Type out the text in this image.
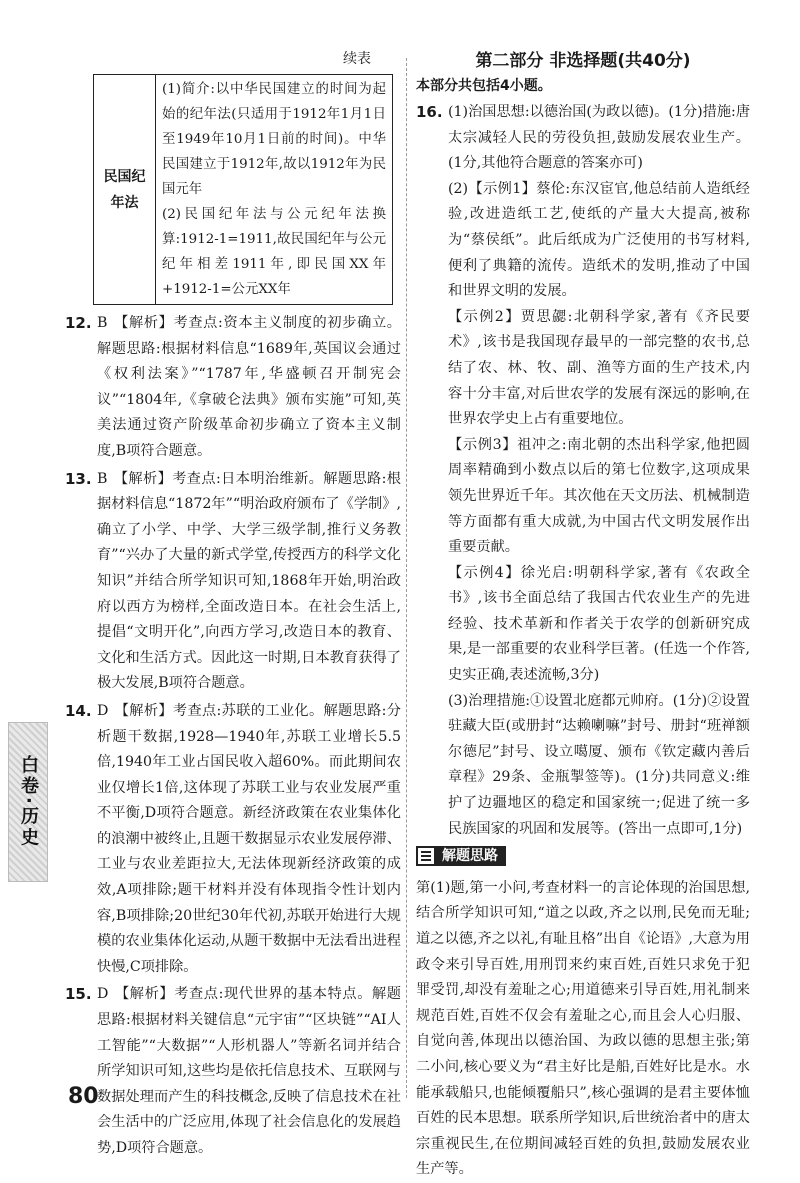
续表
民国纪年法	

(1)简介:以中华民国建立的时间为起始的纪年法(只适用于1912年1月1日至1949年10月1日前的时间)。中华民国建立于1912年,故以1912年为民国元年

(2)民国纪年法与公元纪年法换算:1912-1=1911,故民国纪年与公元纪年相差1911年,即民国XX年+1912-1=公元XX年

12. B 【解析】考查点:资本主义制度的初步确立。解题思路:根据材料信息“1689年,英国议会通过《权利法案》”“1787年,华盛顿召开制宪会议”“1804年,《拿破仑法典》颁布实施”可知,英美法通过资产阶级革命初步确立了资本主义制度,B项符合题意。
13. B 【解析】考查点:日本明治维新。解题思路:根据材料信息“1872年”“明治政府颁布了《学制》,确立了小学、中学、大学三级学制,推行义务教育”“兴办了大量的新式学堂,传授西方的科学文化知识”并结合所学知识可知,1868年开始,明治政府以西方为榜样,全面改造日本。在社会生活上,提倡“文明开化”,向西方学习,改造日本的教育、文化和生活方式。因此这一时期,日本教育获得了极大发展,B项符合题意。
14. D 【解析】考查点:苏联的工业化。解题思路:分析题干数据,1928—1940年,苏联工业增长5.5倍,1940年工业占国民收入超60%。而此期间农业仅增长1倍,这体现了苏联工业与农业发展严重不平衡,D项符合题意。新经济政策在农业集体化的浪潮中被终止,且题干数据显示农业发展停滞、工业与农业差距拉大,无法体现新经济政策的成效,A项排除;题干材料并没有体现指令性计划内容,B项排除;20世纪30年代初,苏联开始进行大规模的农业集体化运动,从题干数据中无法看出进程快慢,C项排除。
15. D 【解析】考查点:现代世界的基本特点。解题思路:根据材料关键信息“元宇宙”“区块链”“AI人工智能”“大数据”“人形机器人”等新名词并结合所学知识可知,这些均是依托信息技术、互联网与数据处理而产生的科技概念,反映了信息技术在社会生活中的广泛应用,体现了社会信息化的发展趋势,D项符合题意。
第二部分 非选择题(共40分)
本部分共包括4小题。
16. (1)治国思想:以德治国(为政以德)。(1分)措施:唐太宗减轻人民的劳役负担,鼓励发展农业生产。(1分,其他符合题意的答案亦可)
(2)【示例1】蔡伦:东汉宦官,他总结前人造纸经验,改进造纸工艺,使纸的产量大大提高,被称为“蔡侯纸”。此后纸成为广泛使用的书写材料,便利了典籍的流传。造纸术的发明,推动了中国和世界文明的发展。
【示例2】贾思勰:北朝科学家,著有《齐民要术》,该书是我国现存最早的一部完整的农书,总结了农、林、牧、副、渔等方面的生产技术,内容十分丰富,对后世农学的发展有深远的影响,在世界农学史上占有重要地位。
【示例3】祖冲之:南北朝的杰出科学家,他把圆周率精确到小数点以后的第七位数字,这项成果领先世界近千年。其次他在天文历法、机械制造等方面都有重大成就,为中国古代文明发展作出重要贡献。
【示例4】徐光启:明朝科学家,著有《农政全书》,该书全面总结了我国古代农业生产的先进经验、技术革新和作者关于农学的创新研究成果,是一部重要的农业科学巨著。(任选一个作答,史实正确,表述流畅,3分)
(3)治理措施:①设置北庭都元帅府。(1分)②设置驻藏大臣(或册封“达赖喇嘛”封号、册封“班禅额尔德尼”封号、设立噶厦、颁布《钦定藏内善后章程》29条、金瓶掣签等)。(1分)共同意义:维护了边疆地区的稳定和国家统一;促进了统一多民族国家的巩固和发展等。(答出一点即可,1分)
解题思路
第(1)题,第一小问,考查材料一的言论体现的治国思想,结合所学知识可知,“道之以政,齐之以刑,民免而无耻;道之以德,齐之以礼,有耻且格”出自《论语》,大意为用政令来引导百姓,用刑罚来约束百姓,百姓只求免于犯罪受罚,却没有羞耻之心;用道德来引导百姓,用礼制来规范百姓,百姓不仅会有羞耻之心,而且会人心归服、自觉向善,体现出以德治国、为政以德的思想主张;第二小问,核心要义为“君主好比是船,百姓好比是水。水能承载船只,也能倾覆船只”,核心强调的是君主要体恤百姓的民本思想。联系所学知识,后世统治者中的唐太宗重视民生,在位期间减轻百姓的负担,鼓励发展农业生产等。
白卷·历史
80
